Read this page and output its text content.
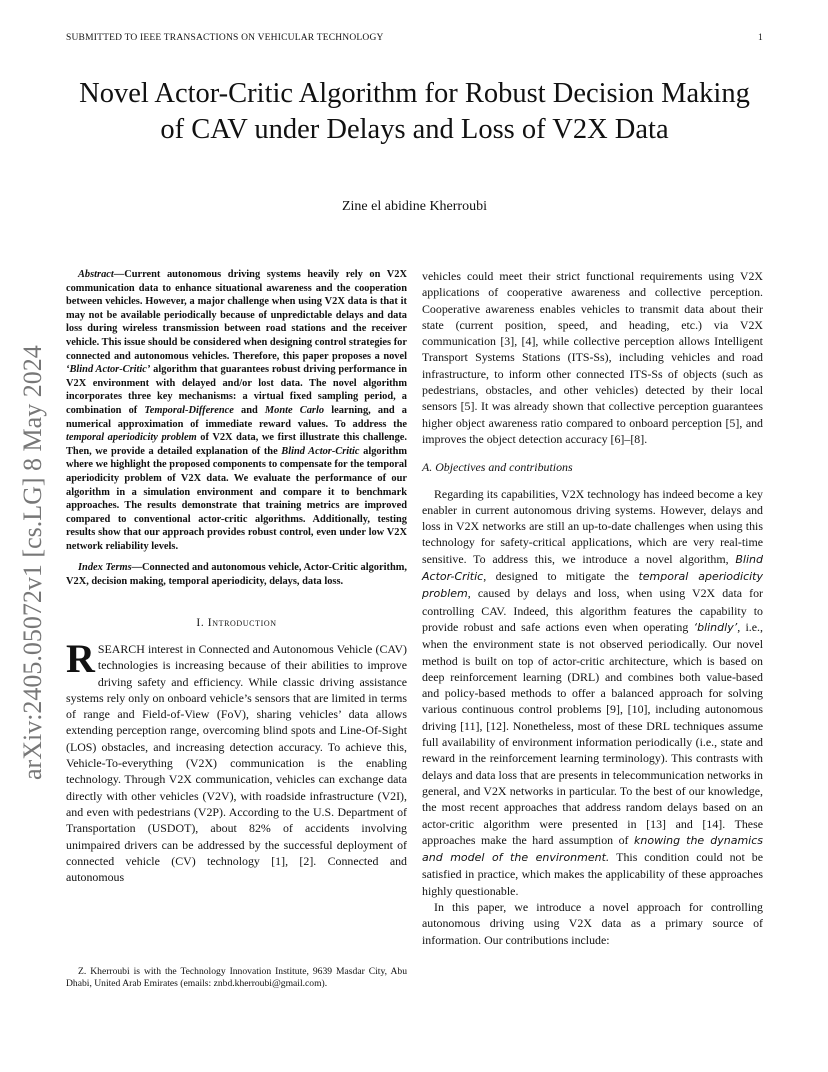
SUBMITTED TO IEEE TRANSACTIONS ON VEHICULAR TECHNOLOGY	1
arXiv:2405.05072v1 [cs.LG] 8 May 2024
Novel Actor-Critic Algorithm for Robust Decision Making of CAV under Delays and Loss of V2X Data
Zine el abidine Kherroubi

Abstract—Current autonomous driving systems heavily rely on V2X communication data to enhance situational awareness and the cooperation between vehicles. However, a major challenge when using V2X data is that it may not be available periodically because of unpredictable delays and data loss during wireless transmission between road stations and the receiver vehicle. This issue should be considered when designing control strategies for connected and autonomous vehicles. Therefore, this paper proposes a novel ‘Blind Actor-Critic’ algorithm that guarantees robust driving performance in V2X environment with delayed and/or lost data. The novel algorithm incorporates three key mechanisms: a virtual fixed sampling period, a combination of Temporal-Difference and Monte Carlo learning, and a numerical approximation of immediate reward values. To address the temporal aperiodicity problem of V2X data, we first illustrate this challenge. Then, we provide a detailed explanation of the Blind Actor-Critic algorithm where we highlight the proposed components to compensate for the temporal aperiodicity problem of V2X data. We evaluate the performance of our algorithm in a simulation environment and compare it to benchmark approaches. The results demonstrate that training metrics are improved compared to conventional actor-critic algorithms. Additionally, testing results show that our approach provides robust control, even under low V2X network reliability levels.

Index Terms—Connected and autonomous vehicle, Actor-Critic algorithm, V2X, decision making, temporal aperiodicity, delays, data loss.

I. Introduction

RSEARCH interest in Connected and Autonomous Vehicle (CAV) technologies is increasing because of their abilities to improve driving safety and efficiency. While classic driving assistance systems rely only on onboard vehicle’s sensors that are limited in terms of range and Field-of-View (FoV), sharing vehicles’ data allows extending perception range, overcoming blind spots and Line-Of-Sight (LOS) obstacles, and increasing detection accuracy. To achieve this, Vehicle-To-everything (V2X) communication is the enabling technology. Through V2X communication, vehicles can exchange data directly with other vehicles (V2V), with roadside infrastructure (V2I), and even with pedestrians (V2P). According to the U.S. Department of Transportation (USDOT), about 82% of accidents involving unimpaired drivers can be addressed by the successful deployment of connected vehicle (CV) technology [1], [2]. Connected and autonomous

Z. Kherroubi is with the Technology Innovation Institute, 9639 Masdar City, Abu Dhabi, United Arab Emirates (emails: znbd.kherroubi@gmail.com).

vehicles could meet their strict functional requirements using V2X applications of cooperative awareness and collective perception. Cooperative awareness enables vehicles to transmit data about their state (current position, speed, and heading, etc.) via V2X communication [3], [4], while collective perception allows Intelligent Transport Systems Stations (ITS-Ss), including vehicles and road infrastructure, to inform other connected ITS-Ss of objects (such as pedestrians, obstacles, and other vehicles) detected by their local sensors [5]. It was already shown that collective perception guarantees higher object awareness ratio compared to onboard perception [5], and improves the object detection accuracy [6]–[8].

A. Objectives and contributions

Regarding its capabilities, V2X technology has indeed become a key enabler in current autonomous driving systems. However, delays and loss in V2X networks are still an up-to-date challenges when using this technology for safety-critical applications, which are very real-time sensitive. To address this, we introduce a novel algorithm, Blind Actor-Critic, designed to mitigate the temporal aperiodicity problem, caused by delays and loss, when using V2X data for controlling CAV. Indeed, this algorithm features the capability to provide robust and safe actions even when operating ‘blindly’, i.e., when the environment state is not observed periodically. Our novel method is built on top of actor-critic architecture, which is based on deep reinforcement learning (DRL) and combines both value-based and policy-based methods to offer a balanced approach for solving various continuous control problems [9], [10], including autonomous driving [11], [12]. Nonetheless, most of these DRL techniques assume full availability of environment information periodically (i.e., state and reward in the reinforcement learning terminology). This contrasts with delays and data loss that are presents in telecommunication networks in general, and V2X networks in particular. To the best of our knowledge, the most recent approaches that address random delays based on an actor-critic algorithm were presented in [13] and [14]. These approaches make the hard assumption of knowing the dynamics and model of the environment. This condition could not be satisfied in practice, which makes the applicability of these approaches highly questionable.

In this paper, we introduce a novel approach for controlling autonomous driving using V2X data as a primary source of information. Our contributions include:
